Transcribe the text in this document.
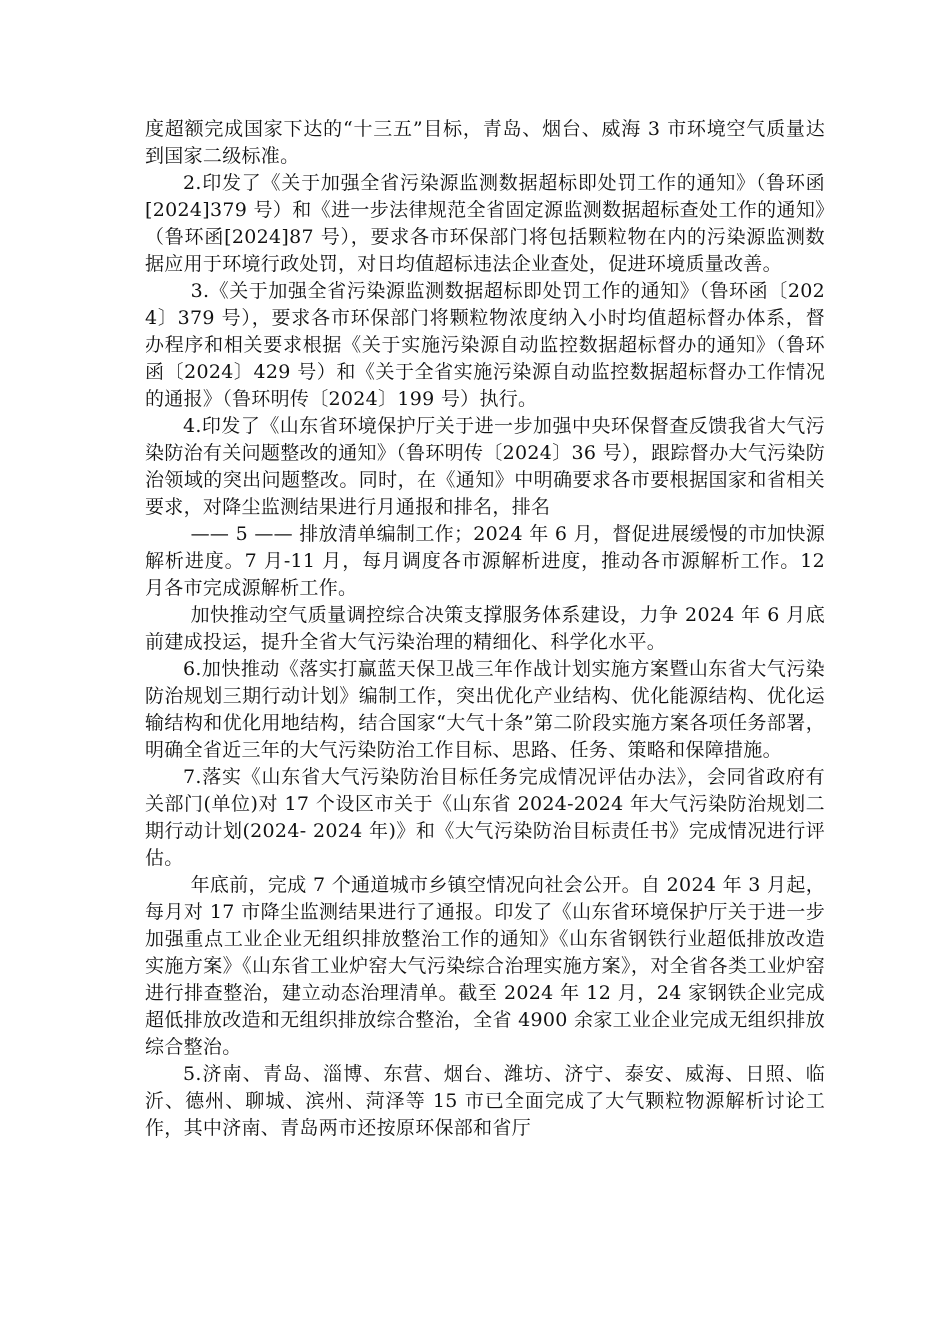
度超额完成国家下达的“十三五”目标，青岛、烟台、威海 3 市环境空气质量达到国家二级标准。

2.印发了《关于加强全省污染源监测数据超标即处罚工作的通知》（鲁环函[2024]379 号）和《进一步法律规范全省固定源监测数据超标查处工作的通知》（鲁环函[2024]87 号），要求各市环保部门将包括颗粒物在内的污染源监测数据应用于环境行政处罚，对日均值超标违法企业查处，促进环境质量改善。

3.《关于加强全省污染源监测数据超标即处罚工作的通知》（鲁环函〔2024〕379 号），要求各市环保部门将颗粒物浓度纳入小时均值超标督办体系，督办程序和相关要求根据《关于实施污染源自动监控数据超标督办的通知》（鲁环函〔2024〕429 号）和《关于全省实施污染源自动监控数据超标督办工作情况的通报》（鲁环明传〔2024〕199 号）执行。

4.印发了《山东省环境保护厅关于进一步加强中央环保督查反馈我省大气污染防治有关问题整改的通知》（鲁环明传〔2024〕36 号），跟踪督办大气污染防治领域的突出问题整改。同时，在《通知》中明确要求各市要根据国家和省相关要求，对降尘监测结果进行月通报和排名，排名

—— 5 —— 排放清单编制工作；2024 年 6 月，督促进展缓慢的市加快源解析进度。7 月-11 月，每月调度各市源解析进度，推动各市源解析工作。12 月各市完成源解析工作。

加快推动空气质量调控综合决策支撑服务体系建设，力争 2024 年 6 月底前建成投运，提升全省大气污染治理的精细化、科学化水平。

6.加快推动《落实打赢蓝天保卫战三年作战计划实施方案暨山东省大气污染防治规划三期行动计划》编制工作，突出优化产业结构、优化能源结构、优化运输结构和优化用地结构，结合国家“大气十条”第二阶段实施方案各项任务部署，明确全省近三年的大气污染防治工作目标、思路、任务、策略和保障措施。

7.落实《山东省大气污染防治目标任务完成情况评估办法》，会同省政府有关部门(单位)对 17 个设区市关于《山东省 2024-2024 年大气污染防治规划二期行动计划(2024- 2024 年)》和《大气污染防治目标责任书》完成情况进行评估。

年底前，完成 7 个通道城市乡镇空情况向社会公开。自 2024 年 3 月起，每月对 17 市降尘监测结果进行了通报。印发了《山东省环境保护厅关于进一步加强重点工业企业无组织排放整治工作的通知》《山东省钢铁行业超低排放改造实施方案》《山东省工业炉窑大气污染综合治理实施方案》，对全省各类工业炉窑进行排查整治，建立动态治理清单。截至 2024 年 12 月，24 家钢铁企业完成超低排放改造和无组织排放综合整治，全省 4900 余家工业企业完成无组织排放综合整治。

5.济南、青岛、淄博、东营、烟台、潍坊、济宁、泰安、威海、日照、临沂、德州、聊城、滨州、菏泽等 15 市已全面完成了大气颗粒物源解析讨论工作，其中济南、青岛两市还按原环保部和省厅
